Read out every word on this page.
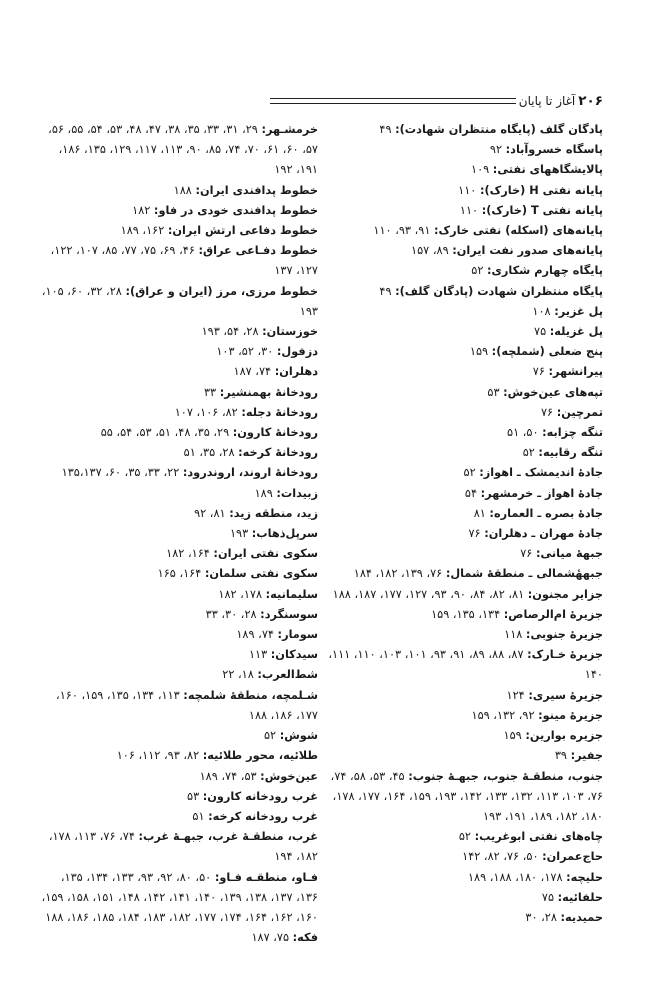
۲۰۶
آغاز تا پایان

پادگان گلف (پایگاه منتظران شهادت): ۴۹

پاسگاه خسروآباد: ۹۲

پالایشگاههای نفتی: ۱۰۹

پایانه نفتی H (خارک): ۱۱۰

پایانه نفتی T (خارک): ۱۱۰

پایانه‌های (اسکله) نفتی خارک: ۹۱، ۹۳، ۱۱۰

پایانه‌های صدور نفت ایران: ۸۹، ۱۵۷

پایگاه چهارم شکاری: ۵۲

پایگاه منتظران شهادت (پادگان گلف): ۴۹

پل غزیر: ۱۰۸

پل غزیله: ۷۵

پنج ضعلی (شملچه): ۱۵۹

پیرانشهر: ۷۶

تپه‌های عین‌خوش: ۵۳

تمرچین: ۷۶

تنگه چزابه: ۵۰، ۵۱

تنگه رقابیه: ۵۲

جادهٔ اندیمشک ـ اهواز: ۵۲

جادهٔ اهواز ـ خرمشهر: ۵۴

جادهٔ بصره ـ العماره: ۸۱

جادهٔ مهران ـ دهلران: ۷۶

جبههٔ میانی: ۷۶

جبههٔشمالی ـ منطقهٔ شمال: ۷۶، ۱۳۹، ۱۸۲، ۱۸۴

جزایر مجنون: ۸۱، ۸۲، ۸۴، ۹۰، ۹۳، ۱۲۷، ۱۷۷، ۱۸۷، ۱۸۸

جزیرهٔ ام‌الرصاص: ۱۳۴، ۱۳۵، ۱۵۹

جزیرهٔ جنوبی: ۱۱۸

جزیرهٔ خـارک: ۸۷، ۸۸، ۸۹، ۹۱، ۹۳، ۱۰۱، ۱۰۳، ۱۱۰، ۱۱۱، ۱۴۰

جزیرهٔ سیری: ۱۲۴

جزیرهٔ مینو: ۹۲، ۱۳۲، ۱۵۹

جزیره بوارین: ۱۵۹

جفیر: ۳۹

جنوب، منطقـهٔ جنوب، جبهـهٔ جنوب: ۴۵، ۵۳، ۵۸، ۷۴، ۷۶، ۱۰۳، ۱۱۳، ۱۳۲، ۱۳۳، ۱۴۲، ۱۹۳، ۱۵۹، ۱۶۴، ۱۷۷، ۱۷۸، ۱۸۰، ۱۸۲، ۱۸۹، ۱۹۱، ۱۹۳

چاه‌های نفتی ابوغریب: ۵۲

حاج‌عمران: ۵۰، ۷۶، ۸۲، ۱۴۲

حلیچه: ۱۷۸، ۱۸۰، ۱۸۸، ۱۸۹

حلفائیه: ۷۵

حمیدیه: ۲۸، ۳۰

خرمشـهر: ۲۹، ۳۱، ۳۳، ۳۵، ۳۸، ۴۷، ۴۸، ۵۳، ۵۴، ۵۵، ۵۶، ۵۷، ۶۰، ۶۱، ۷۰، ۷۴، ۸۵، ۹۰، ۱۱۳، ۱۱۷، ۱۲۹، ۱۳۵، ۱۸۶، ۱۹۱، ۱۹۲

خطوط پدافندی ایران: ۱۸۸

خطوط پدافندی خودی در فاو: ۱۸۲

خطوط دفاعی ارتش ایران: ۱۶۲، ۱۸۹

خطوط دفـاعی عراق: ۴۶، ۶۹، ۷۵، ۷۷، ۸۵، ۱۰۷، ۱۲۲، ۱۲۷، ۱۳۷

خطوط مرزی، مرز (ایران و عراق): ۲۸، ۳۲، ۶۰، ۱۰۵، ۱۹۳

خوزستان: ۲۸، ۵۴، ۱۹۳

دزفول: ۳۰، ۵۲، ۱۰۳

دهلران: ۷۴، ۱۸۷

رودخانهٔ بهمنشیر: ۳۳

رودخانهٔ دجله: ۸۲، ۱۰۶، ۱۰۷

رودخانهٔ کارون: ۲۹، ۳۵، ۴۸، ۵۱، ۵۳، ۵۴، ۵۵

رودخانهٔ کرخه: ۲۸، ۳۵، ۵۱

رودخانهٔ اروند، اروندرود: ۲۲، ۳۳، ۳۵، ۶۰، ۱۳۵،۱۳۷

زبیدات: ۱۸۹

زید، منطقه زید: ۸۱، ۹۲

سرپل‌ذهاب: ۱۹۳

سکوی نفتی ایران: ۱۶۴، ۱۸۲

سکوی نفتی سلمان: ۱۶۴، ۱۶۵

سلیمانیه: ۱۷۸، ۱۸۲

سوسنگرد: ۲۸، ۳۰، ۳۳

سومار: ۷۴، ۱۸۹

سیدکان: ۱۱۳

شط‌العرب: ۱۸، ۲۲

شـلمچه، منطقهٔ شلمچه: ۱۱۳، ۱۳۴، ۱۳۵، ۱۵۹، ۱۶۰، ۱۷۷، ۱۸۶، ۱۸۸

شوش: ۵۲

طلائیه، محور طلائیه: ۸۲، ۹۳، ۱۱۲، ۱۰۶

عین‌خوش: ۵۳، ۷۴، ۱۸۹

غرب رودخانه کارون: ۵۳

غرب رودخانه کرخه: ۵۱

غرب، منطقـهٔ غرب، جبهـهٔ غرب: ۷۴، ۷۶، ۱۱۳، ۱۷۸، ۱۸۲، ۱۹۴

فـاو، منطقـه فـاو: ۵۰، ۸۰، ۹۲، ۹۳، ۱۳۳، ۱۳۴، ۱۳۵، ۱۳۶، ۱۳۷، ۱۳۸، ۱۳۹، ۱۴۰، ۱۴۱، ۱۴۲، ۱۴۸، ۱۵۱، ۱۵۸، ۱۵۹، ۱۶۰، ۱۶۲، ۱۶۴، ۱۷۴، ۱۷۷، ۱۸۲، ۱۸۳، ۱۸۴، ۱۸۵، ۱۸۶، ۱۸۸

فکه: ۷۵، ۱۸۷
